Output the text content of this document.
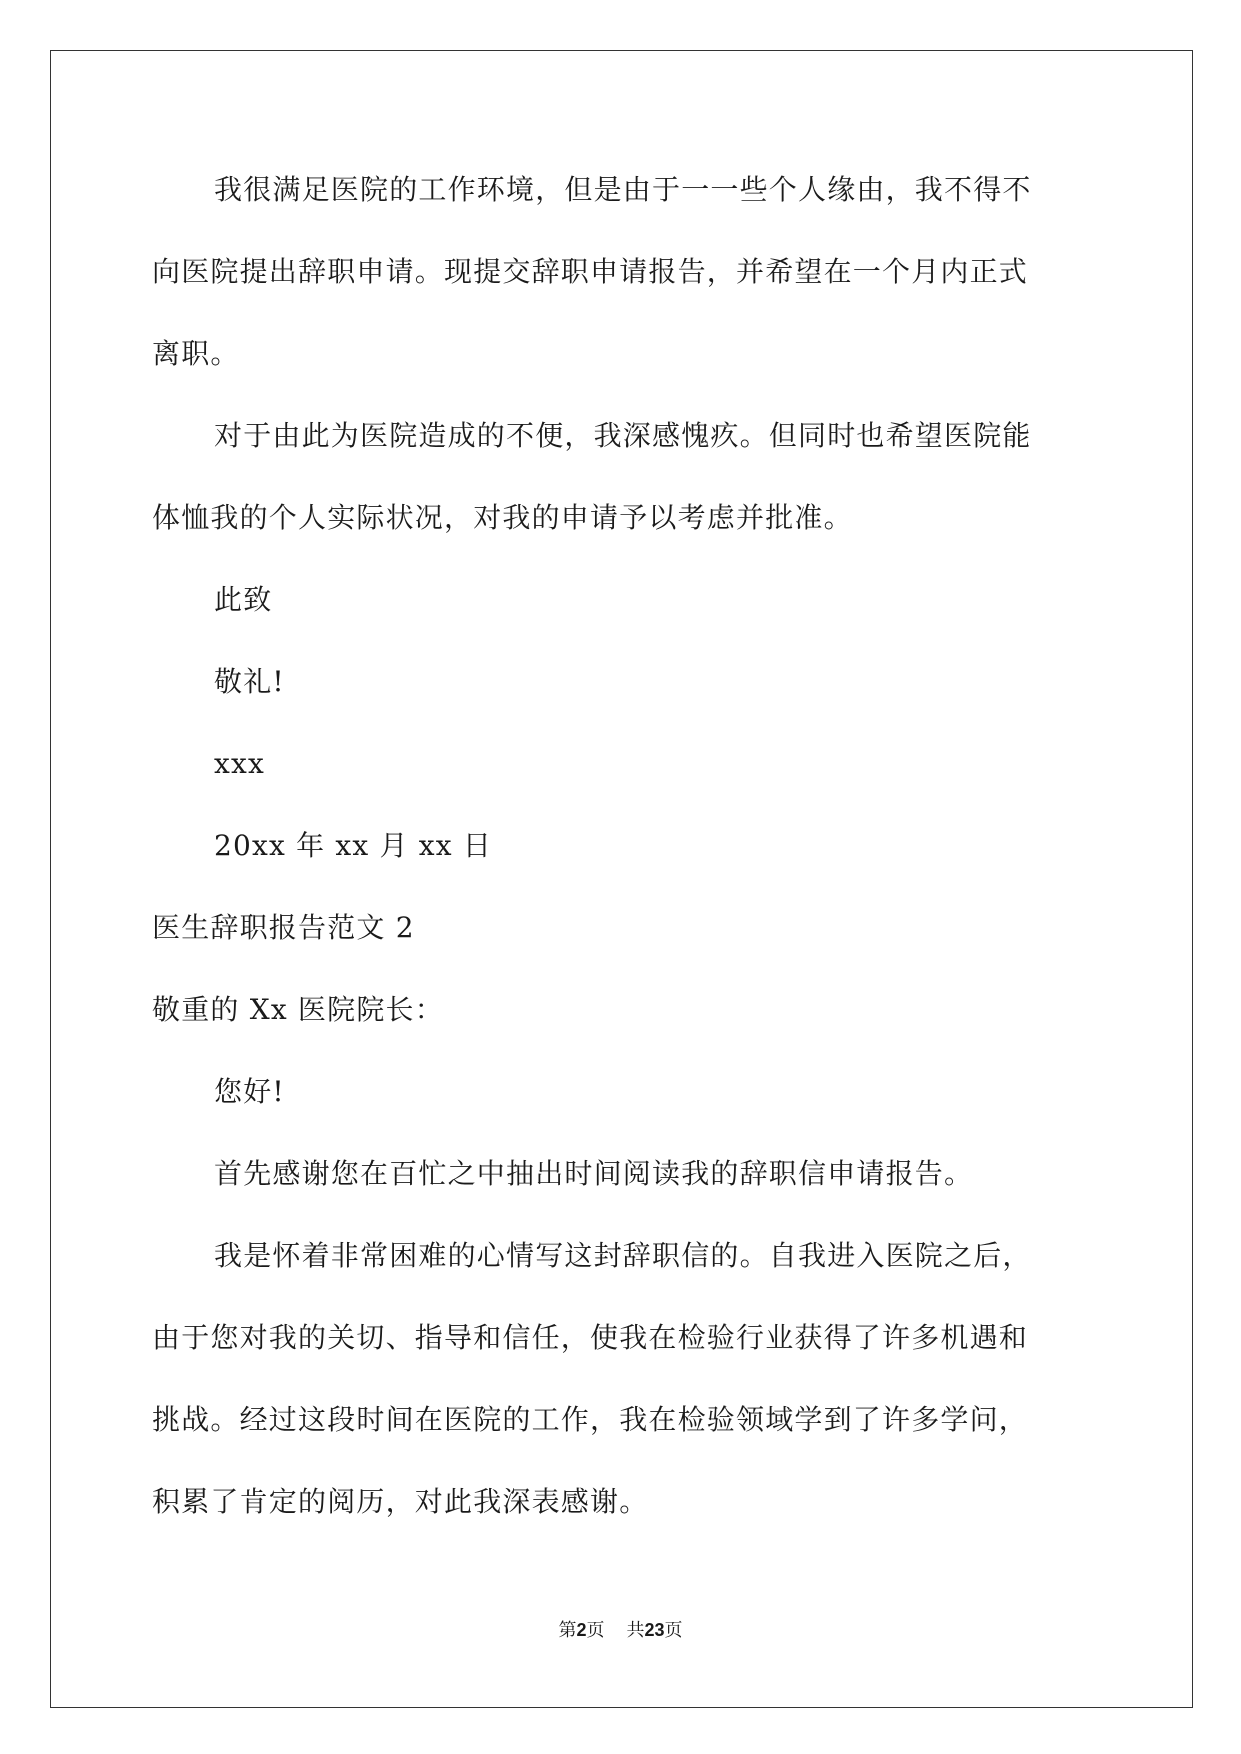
我很满足医院的工作环境，但是由于一一些个人缘由，我不得不
向医院提出辞职申请。现提交辞职申请报告，并希望在一个月内正式
离职。
对于由此为医院造成的不便，我深感愧疚。但同时也希望医院能
体恤我的个人实际状况，对我的申请予以考虑并批准。
此致
敬礼!
xxx
20xx 年 xx 月 xx 日
医生辞职报告范文 2
敬重的 Xx 医院院长：
您好!
首先感谢您在百忙之中抽出时间阅读我的辞职信申请报告。
我是怀着非常困难的心情写这封辞职信的。自我进入医院之后，
由于您对我的关切、指导和信任，使我在检验行业获得了许多机遇和
挑战。经过这段时间在医院的工作，我在检验领域学到了许多学问，
积累了肯定的阅历，对此我深表感谢。
第2页 共23页
